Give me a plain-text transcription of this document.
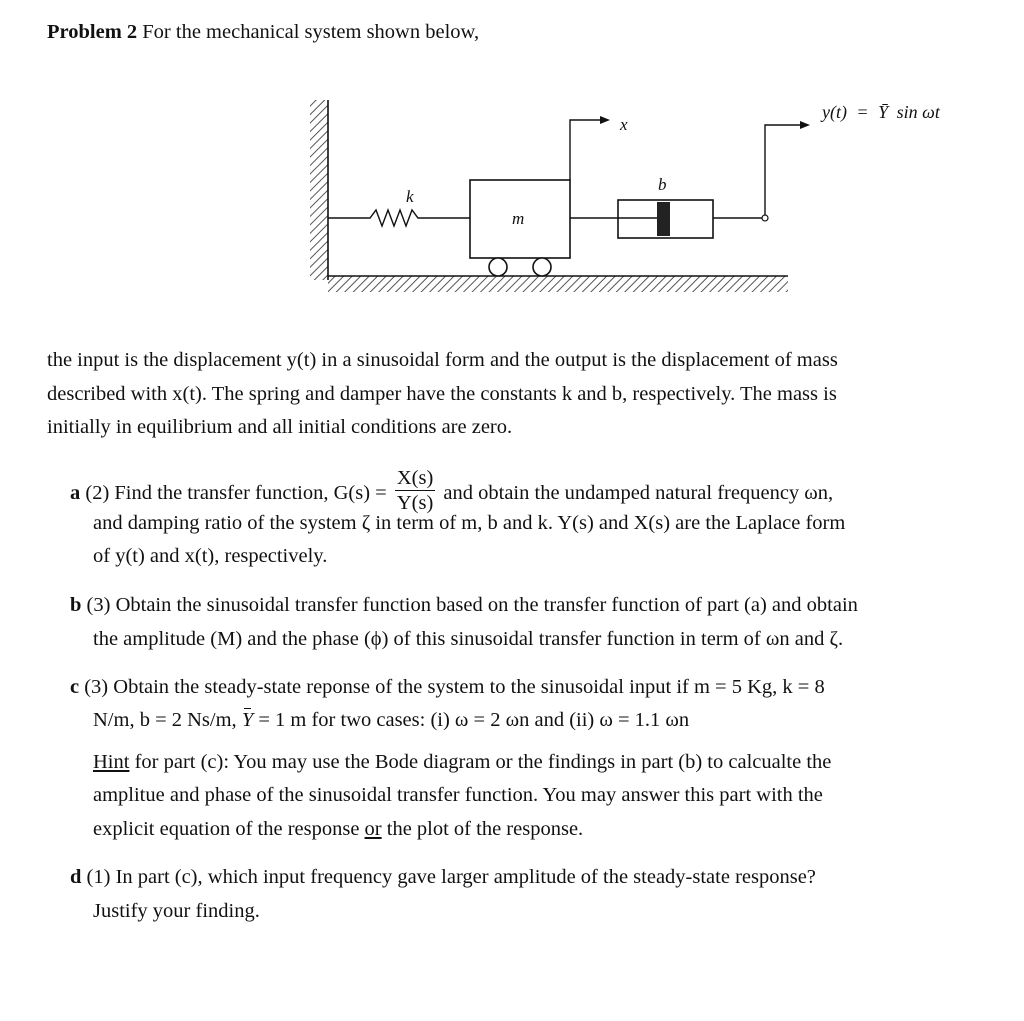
Problem 2 For the mechanical system shown below,
k
m
x
b
y(t) = Ȳ sin ωt
the input is the displacement y(t) in a sinusoidal form and the output is the displacement of mass
described with x(t). The spring and damper have the constants k and b, respectively. The mass is
initially in equilibrium and all initial conditions are zero.
a (2) Find the transfer function, $G(s) = \frac{X(s)}{Y(s)}$ and obtain the undamped natural frequency ωn,
and damping ratio of the system ζ in term of m, b and k. Y(s) and X(s) are the Laplace form
of y(t) and x(t), respectively.
b (3) Obtain the sinusoidal transfer function based on the transfer function of part (a) and obtain
the amplitude (M) and the phase (ϕ) of this sinusoidal transfer function in term of ωn and ζ.
c (3) Obtain the steady-state reponse of the system to the sinusoidal input if m = 5 Kg, k = 8
N/m, b = 2 Ns/m, Y = 1 m for two cases: (i) ω = 2 ωn and (ii) ω = 1.1 ωn
Hint for part (c): You may use the Bode diagram or the findings in part (b) to calcualte the
amplitue and phase of the sinusoidal transfer function. You may answer this part with the
explicit equation of the response or the plot of the response.
d (1) In part (c), which input frequency gave larger amplitude of the steady-state response?
Justify your finding.
